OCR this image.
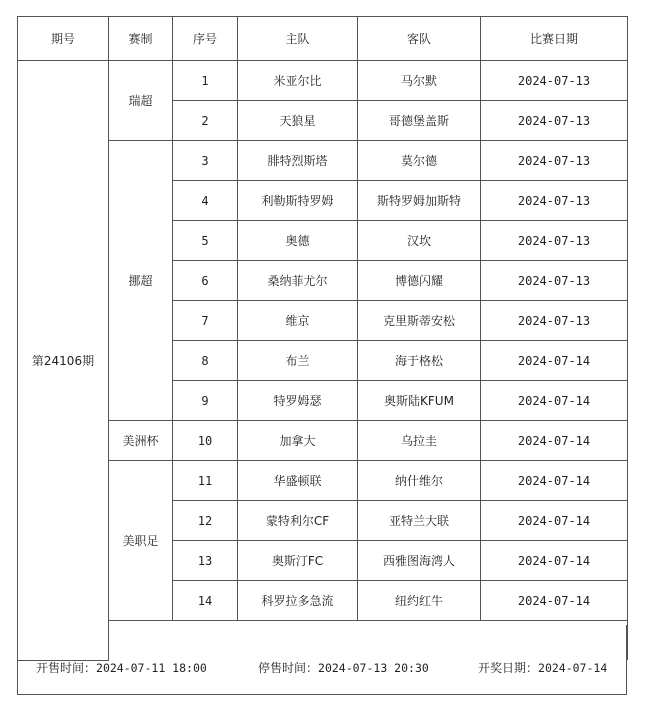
期号	赛制	序号	主队	客队	比赛日期
第24106期	瑞超	1	米亚尔比	马尔默	2024-07-13
		2	天狼星	哥德堡盖斯	2024-07-13
	挪超	3	腓特烈斯塔	莫尔德	2024-07-13
		4	利勒斯特罗姆	斯特罗姆加斯特	2024-07-13
		5	奥德	汉坎	2024-07-13
		6	桑纳菲尤尔	博德闪耀	2024-07-13
		7	维京	克里斯蒂安松	2024-07-13
		8	布兰	海于格松	2024-07-14
		9	特罗姆瑟	奥斯陆KFUM	2024-07-14
	美洲杯	10	加拿大	乌拉圭	2024-07-14
	美职足	11	华盛顿联	纳什维尔	2024-07-14
		12	蒙特利尔CF	亚特兰大联	2024-07-14
		13	奥斯汀FC	西雅图海湾人	2024-07-14
		14	科罗拉多急流	纽约红牛	2024-07-14

开售时间：2024-07-11 18:00	停售时间：2024-07-13 20:30	开奖日期：2024-07-14
